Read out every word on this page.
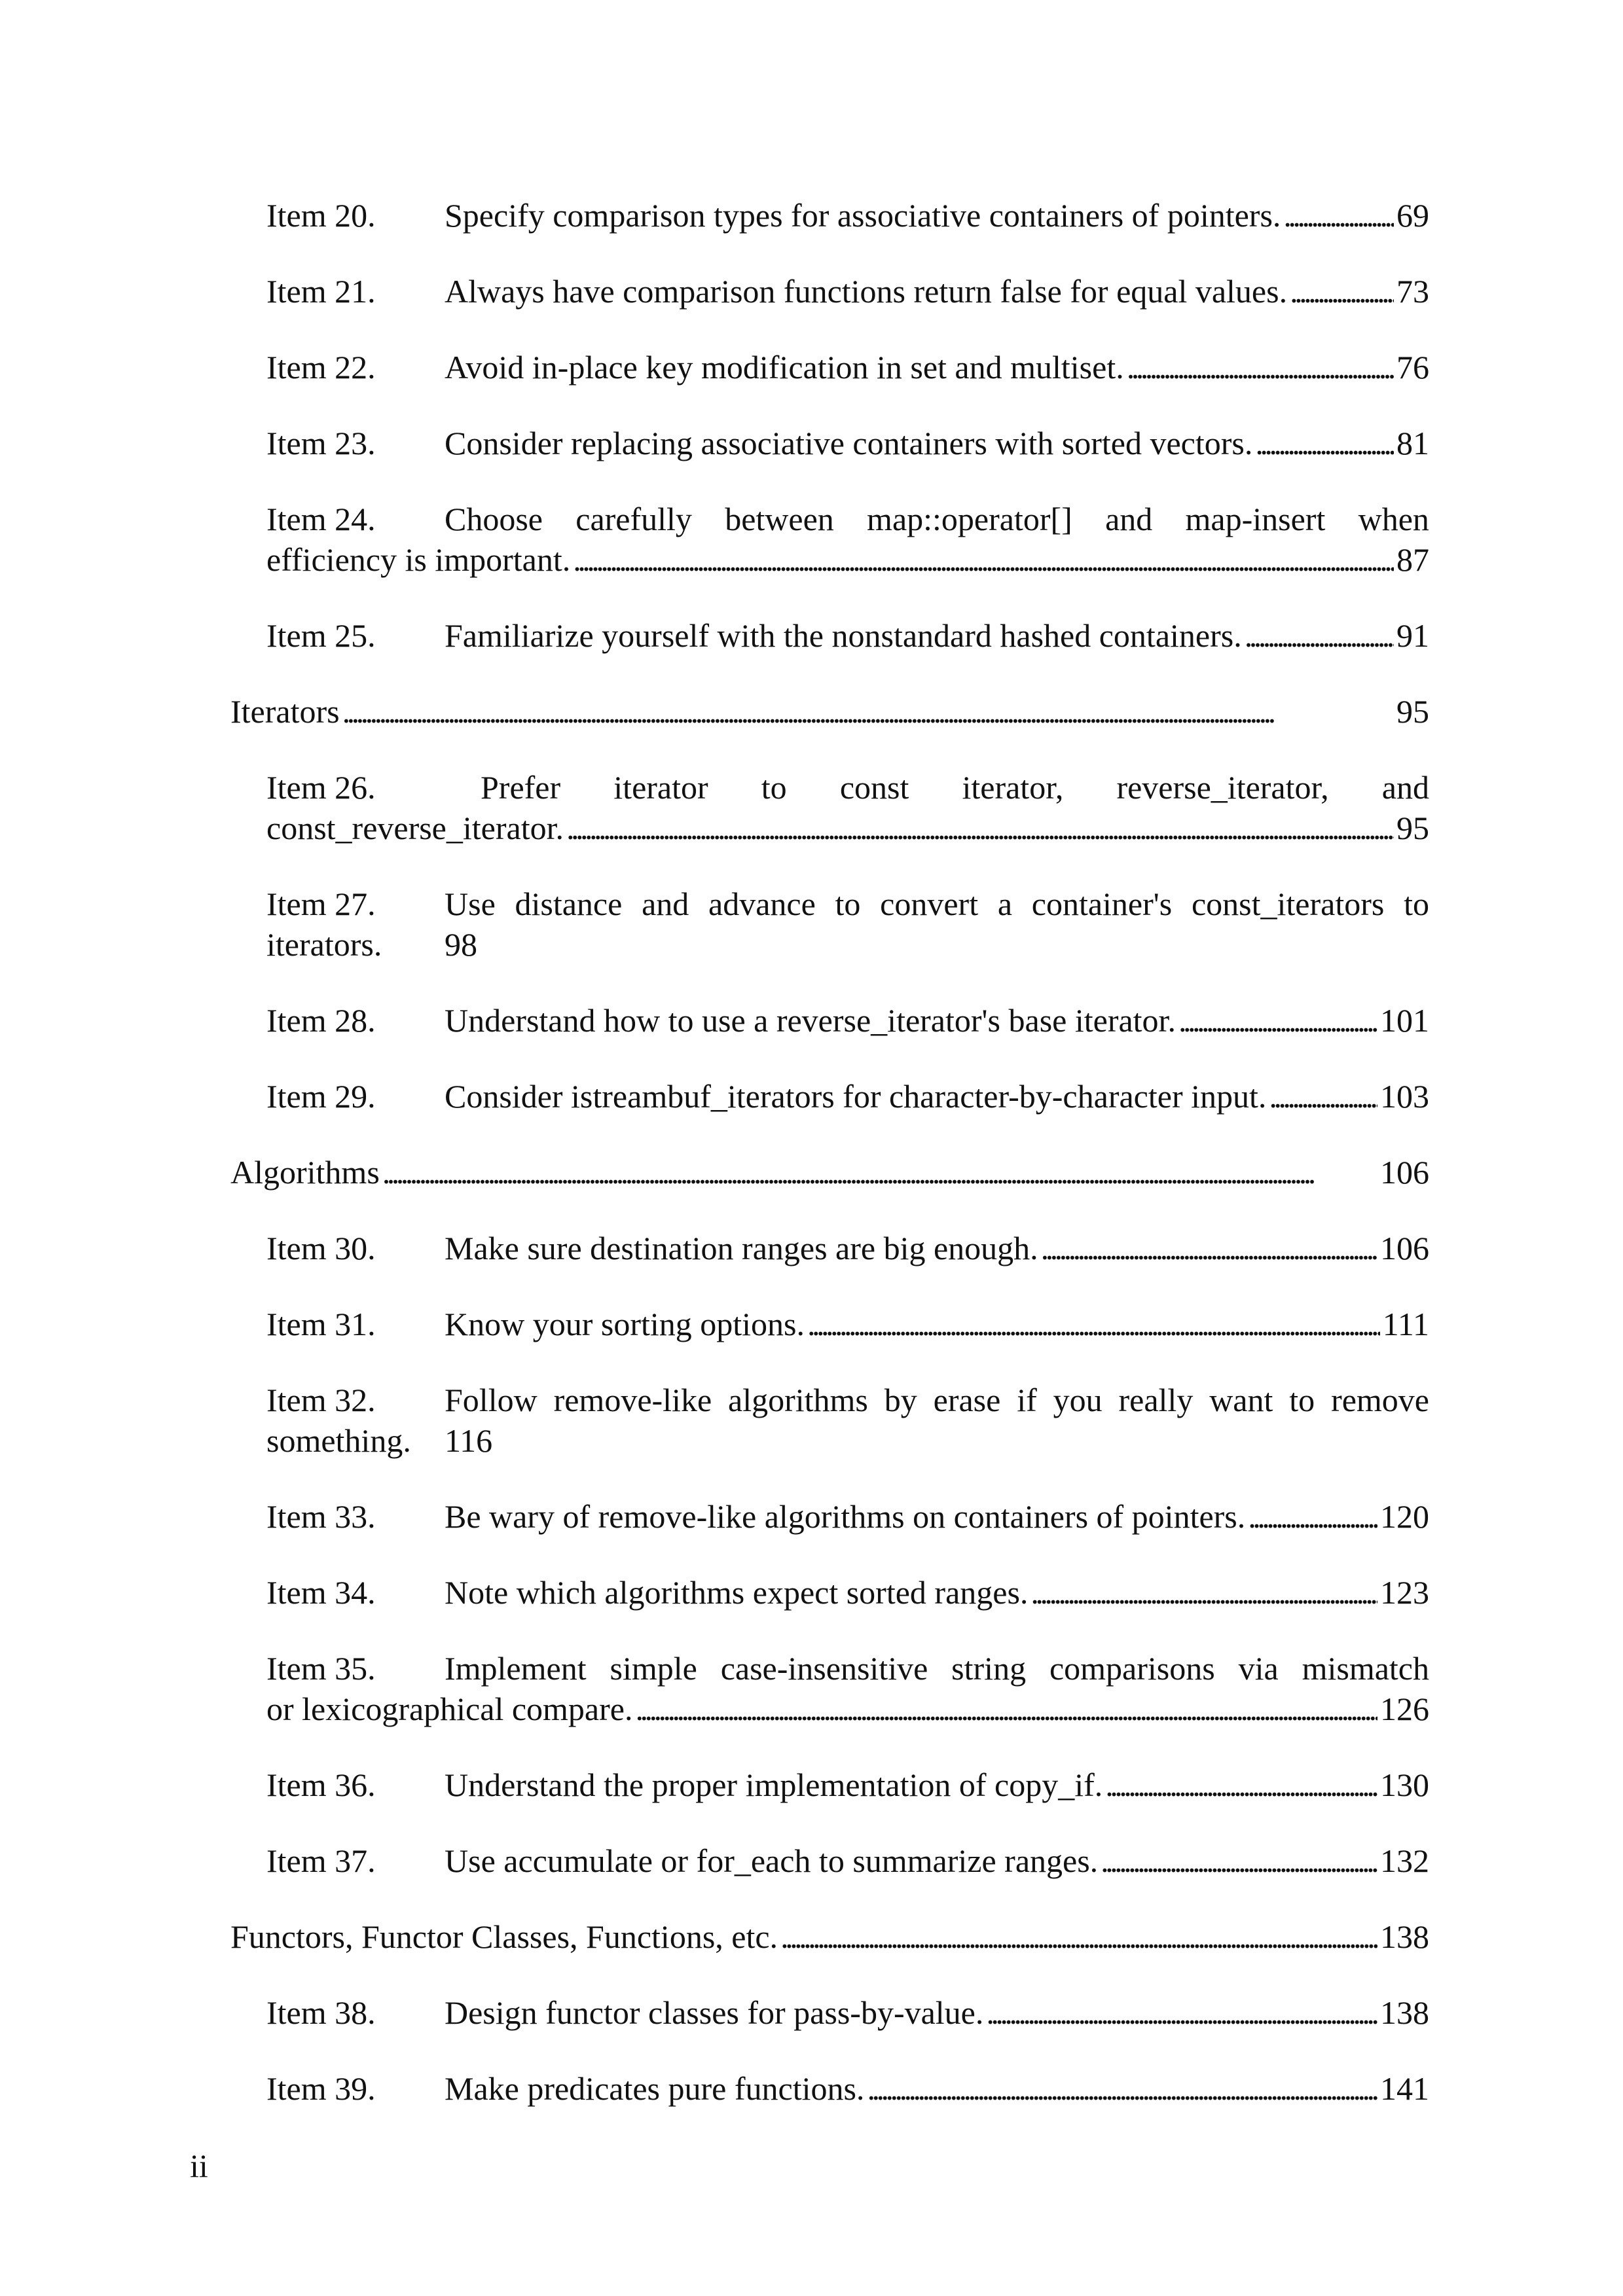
Item 20.	Specify comparison types for associative containers of pointers. . . .	69
Item 21.	Always have comparison functions return false for equal values. . . .	73
Item 22.	Avoid in-place key modification in set and multiset. . . .	76
Item 23.	Consider replacing associative containers with sorted vectors. . . .	81
Item 24.	Choose carefully between map::operator[] and map-insert when
efficiency is important. . . .	87
Item 25.	Familiarize yourself with the nonstandard hashed containers. . . .	91
Iterators . . .	95
Item 26.	Prefer iterator to const iterator, reverse_iterator, and
const_reverse_iterator. . . .	95
Item 27.	Use distance and advance to convert a container's const_iterators to
iterators.	98
Item 28.	Understand how to use a reverse_iterator's base iterator. . . .	101
Item 29.	Consider istreambuf_iterators for character-by-character input. . . .	103
Algorithms . . .	106
Item 30.	Make sure destination ranges are big enough. . . .	106
Item 31.	Know your sorting options. . . .	111
Item 32.	Follow remove-like algorithms by erase if you really want to remove
something.	116
Item 33.	Be wary of remove-like algorithms on containers of pointers. . . .	120
Item 34.	Note which algorithms expect sorted ranges. . . .	123
Item 35.	Implement simple case-insensitive string comparisons via mismatch
or lexicographical compare. . . .	126
Item 36.	Understand the proper implementation of copy_if. . . .	130
Item 37.	Use accumulate or for_each to summarize ranges. . . .	132
Functors, Functor Classes, Functions, etc. . . .	138
Item 38.	Design functor classes for pass-by-value. . . .	138
Item 39.	Make predicates pure functions. . . .	141
ii
